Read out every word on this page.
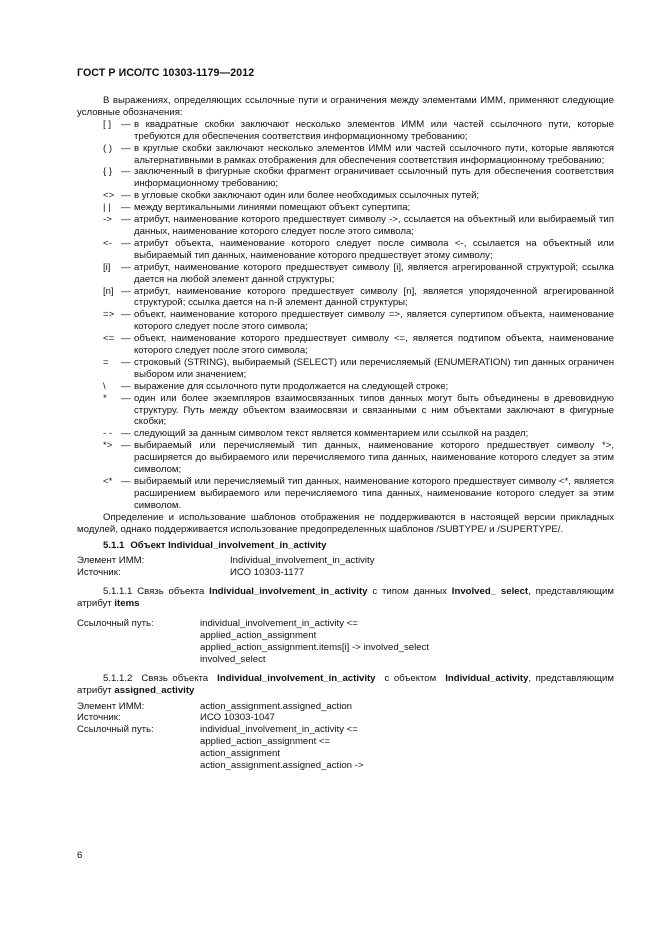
ГОСТ Р ИСО/ТС 10303-1179—2012

В выражениях, определяющих ссылочные пути и ограничения между элементами ИММ, применяют следующие условные обозначения:

[ ]	— в квадратные скобки заключают несколько элементов ИММ или частей ссылочного пути, которые требуются для обеспечения соответствия информационному требованию;
( ) — в круглые скобки заключают несколько элементов ИММ или частей ссылочного пути, которые являются альтернативными в рамках отображения для обеспечения соответствия информационному требованию;
{ } — заключенный в фигурные скобки фрагмент ограничивает ссылочный путь для обеспечения соответствия информационному требованию;
<> — в угловые скобки заключают один или более необходимых ссылочных путей;
| |	— между вертикальными линиями помещают объект супертипа;
-> — атрибут, наименование которого предшествует символу ->, ссылается на объектный или выбираемый тип данных, наименование которого следует после этого символа;
<- — атрибут объекта, наименование которого следует после символа <-, ссылается на объектный или выбираемый тип данных, наименование которого предшествует этому символу;
[i]	— атрибут, наименование которого предшествует символу [i], является агрегированной структурой; ссылка дается на любой элемент данной структуры;
[n] — атрибут, наименование которого предшествует символу [n], является упорядоченной агрегированной структурой; ссылка дается на n-й элемент данной структуры;
=> — объект, наименование которого предшествует символу =>, является супертипом объекта, наименование которого следует после этого символа;
<= — объект, наименование которого предшествует символу <=, является подтипом объекта, наименование которого следует после этого символа;
=	— строковый (STRING), выбираемый (SELECT) или перечисляемый (ENUMERATION) тип данных ограничен выбором или значением;
\	— выражение для ссылочного пути продолжается на следующей строке;
*	— один или более экземпляров взаимосвязанных типов данных могут быть объединены в древовидную структуру. Путь между объектом взаимосвязи и связанными с ним объектами заключают в фигурные скобки;
- - — следующий за данным символом текст является комментарием или ссылкой на раздел;
*> — выбираемый или перечисляемый тип данных, наименование которого предшествует символу *>, расширяется до выбираемого или перечисляемого типа данных, наименование которого следует за этим символом;
<* — выбираемый или перечисляемый тип данных, наименование которого предшествует символу <*, является расширением выбираемого или перечисляемого типа данных, наименование которого следует за этим символом.

Определение и использование шаблонов отображения не поддерживаются в настоящей версии прикладных модулей, однако поддерживается использование предопределенных шаблонов /SUBTYPE/ и /SUPERTYPE/.

5.1.1 Объект Individual_involvement_in_activity
Элемент ИММ:	Individual_involvement_in_activity
Источник:	ИСО 10303-1177

5.1.1.1 Связь объекта Individual_involvement_in_activity с типом данных Involved_ select, представляющим атрибут items

Ссылочный путь:	individual_involvement_in_activity <=
applied_action_assignment
applied_action_assignment.items[i] -> involved_select
involved_select

5.1.1.2 Связь объекта Individual_involvement_in_activity с объектом Individual_activity, представляющим атрибут assigned_activity

Элемент ИММ:	action_assignment.assigned_action
Источник:	ИСО 10303-1047
Ссылочный путь:	individual_involvement_in_activity <=
applied_action_assignment <=
action_assignment
action_assignment.assigned_action ->
6
